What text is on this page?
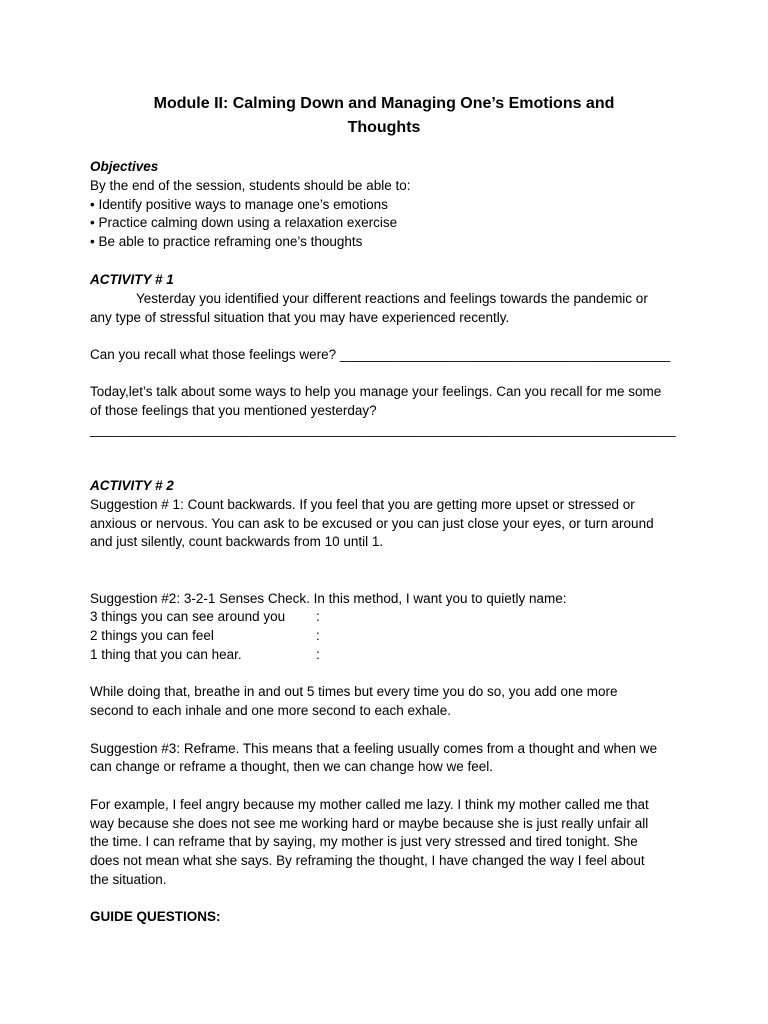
Module II: Calming Down and Managing One’s Emotions and
Thoughts
Objectives
By the end of the session, students should be able to:
• Identify positive ways to manage one’s emotions
• Practice calming down using a relaxation exercise
• Be able to practice reframing one’s thoughts
ACTIVITY # 1
Yesterday you identified your different reactions and feelings towards the pandemic or
any type of stressful situation that you may have experienced recently.
Can you recall what those feelings were? ____________________________________________
Today,let’s talk about some ways to help you manage your feelings. Can you recall for me some
of those feelings that you mentioned yesterday?
______________________________________________________________________________
ACTIVITY # 2
Suggestion # 1: Count backwards. If you feel that you are getting more upset or stressed or
anxious or nervous. You can ask to be excused or you can just close your eyes, or turn around
and just silently, count backwards from 10 until 1.
Suggestion #2: 3-2-1 Senses Check. In this method, I want you to quietly name:
3 things you can see around you :
2 things you can feel	:
1 thing that you can hear.	:
While doing that, breathe in and out 5 times but every time you do so, you add one more
second to each inhale and one more second to each exhale.
Suggestion #3: Reframe. This means that a feeling usually comes from a thought and when we
can change or reframe a thought, then we can change how we feel.
For example, I feel angry because my mother called me lazy. I think my mother called me that
way because she does not see me working hard or maybe because she is just really unfair all
the time. I can reframe that by saying, my mother is just very stressed and tired tonight. She
does not mean what she says. By reframing the thought, I have changed the way I feel about
the situation.
GUIDE QUESTIONS:
